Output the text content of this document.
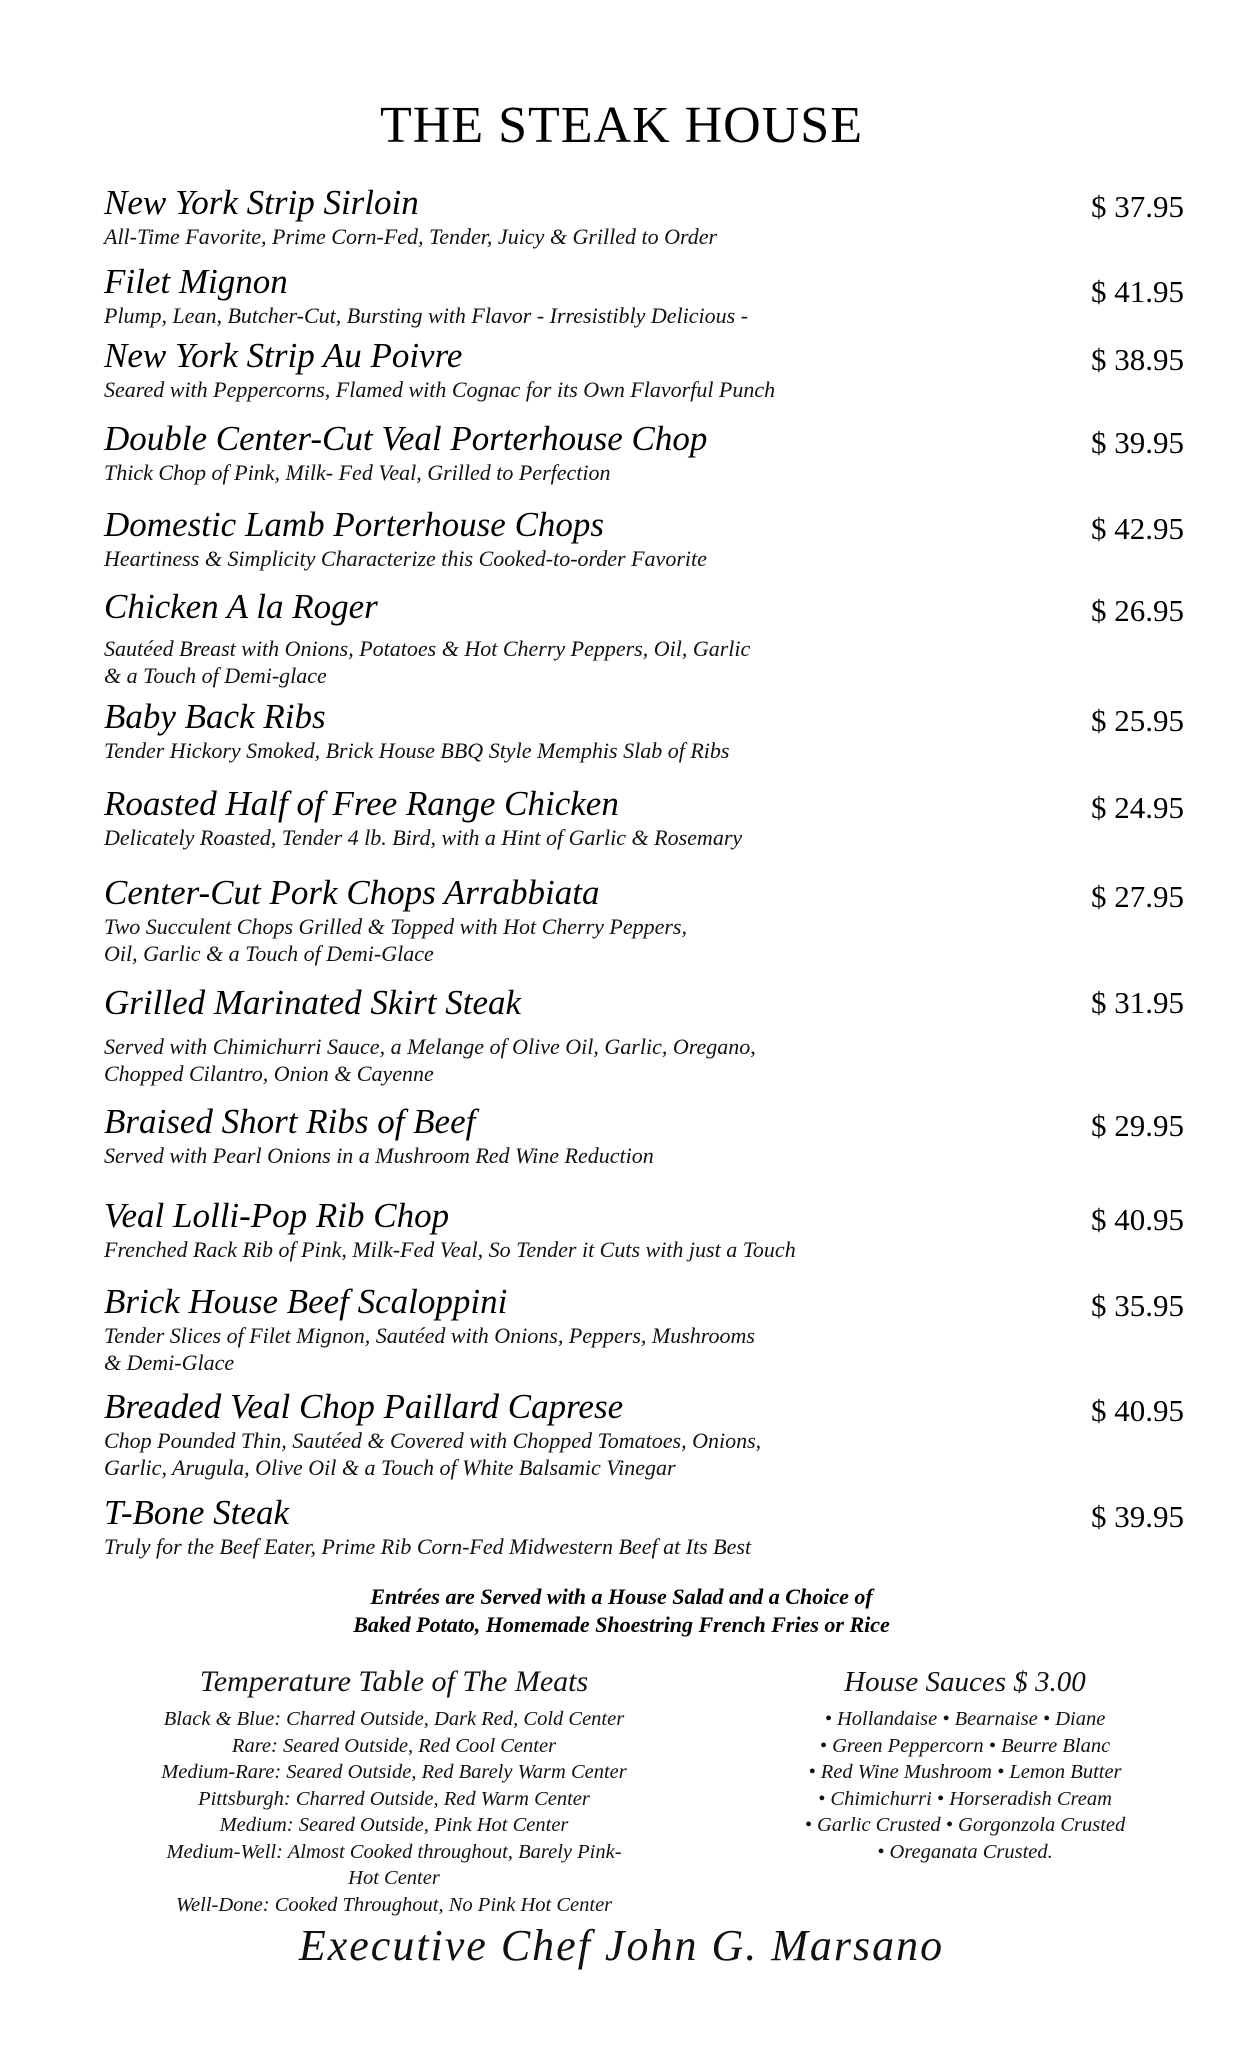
THE STEAK HOUSE
New York Strip Sirloin
All-Time Favorite, Prime Corn-Fed, Tender, Juicy & Grilled to Order
$ 37.95
Filet Mignon
Plump, Lean, Butcher-Cut, Bursting with Flavor - Irresistibly Delicious -
$ 41.95
New York Strip Au Poivre
Seared with Peppercorns, Flamed with Cognac for its Own Flavorful Punch
$ 38.95
Double Center-Cut Veal Porterhouse Chop
Thick Chop of Pink, Milk- Fed Veal, Grilled to Perfection
$ 39.95
Domestic Lamb Porterhouse Chops
Heartiness & Simplicity Characterize this Cooked-to-order Favorite
$ 42.95
Chicken A la Roger
Sautéed Breast with Onions, Potatoes & Hot Cherry Peppers, Oil, Garlic
& a Touch of Demi-glace
$ 26.95
Baby Back Ribs
Tender Hickory Smoked, Brick House BBQ Style Memphis Slab of Ribs
$ 25.95
Roasted Half of Free Range Chicken
Delicately Roasted, Tender 4 lb. Bird, with a Hint of Garlic & Rosemary
$ 24.95
Center-Cut Pork Chops Arrabbiata
Two Succulent Chops Grilled & Topped with Hot Cherry Peppers,
Oil, Garlic & a Touch of Demi-Glace
$ 27.95
Grilled Marinated Skirt Steak
Served with Chimichurri Sauce, a Melange of Olive Oil, Garlic, Oregano,
Chopped Cilantro, Onion & Cayenne
$ 31.95
Braised Short Ribs of Beef
Served with Pearl Onions in a Mushroom Red Wine Reduction
$ 29.95
Veal Lolli-Pop Rib Chop
Frenched Rack Rib of Pink, Milk-Fed Veal, So Tender it Cuts with just a Touch
$ 40.95
Brick House Beef Scaloppini
Tender Slices of Filet Mignon, Sautéed with Onions, Peppers, Mushrooms
& Demi-Glace
$ 35.95
Breaded Veal Chop Paillard Caprese
Chop Pounded Thin, Sautéed & Covered with Chopped Tomatoes, Onions,
Garlic, Arugula, Olive Oil & a Touch of White Balsamic Vinegar
$ 40.95
T-Bone Steak
Truly for the Beef Eater, Prime Rib Corn-Fed Midwestern Beef at Its Best
$ 39.95
Entrées are Served with a House Salad and a Choice of
Baked Potato, Homemade Shoestring French Fries or Rice
Temperature Table of The Meats
Black & Blue: Charred Outside, Dark Red, Cold Center
Rare: Seared Outside, Red Cool Center
Medium-Rare: Seared Outside, Red Barely Warm Center
Pittsburgh: Charred Outside, Red Warm Center
Medium: Seared Outside, Pink Hot Center
Medium-Well: Almost Cooked throughout, Barely Pink-
Hot Center
Well-Done: Cooked Throughout, No Pink Hot Center
House Sauces $ 3.00
• Hollandaise • Bearnaise • Diane
• Green Peppercorn • Beurre Blanc
• Red Wine Mushroom • Lemon Butter
• Chimichurri • Horseradish Cream
• Garlic Crusted • Gorgonzola Crusted
• Oreganata Crusted.
Executive Chef John G. Marsano
